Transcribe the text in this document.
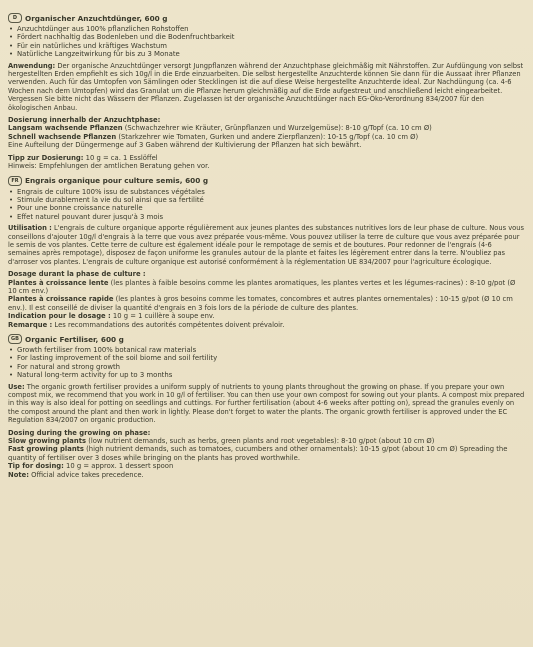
D	Organischer Anzuchtdünger, 600 g
• Anzuchtdünger aus 100% pflanzlichen Rohstoffen
• Fördert nachhaltig das Bodenleben und die Bodenfruchtbarkeit
• Für ein natürliches und kräftiges Wachstum
• Natürliche Langzeitwirkung für bis zu 3 Monate

Anwendung: Der organische Anzuchtdünger versorgt Jungpflanzen während der Anzuchtphase gleichmäßig mit Nährstoffen. Zur Aufdüngung von selbst hergestellten Erden empfiehlt es sich 10g/l in die Erde einzuarbeiten. Die selbst hergestellte Anzuchterde können Sie dann für die Aussaat ihrer Pflanzen verwenden. Auch für das Umtopfen von Sämlingen oder Stecklingen ist die auf diese Weise hergestellte Anzuchterde ideal. Zur Nachdüngung (ca. 4-6 Wochen nach dem Umtopfen) wird das Granulat um die Pflanze herum gleichmäßig auf die Erde aufgestreut und anschließend leicht eingearbeitet. Vergessen Sie bitte nicht das Wässern der Pflanzen. Zugelassen ist der organische Anzuchtdünger nach EG-Öko-Verordnung 834/2007 für den ökologischen Anbau.

Dosierung innerhalb der Anzuchtphase:
Langsam wachsende Pflanzen (Schwachzehrer wie Kräuter, Grünpflanzen und Wurzelgemüse): 8-10 g/Topf (ca. 10 cm Ø)
Schnell wachsende Pflanzen (Starkzehrer wie Tomaten, Gurken und andere Zierpflanzen): 10-15 g/Topf (ca. 10 cm Ø)
Eine Aufteilung der Düngermenge auf 3 Gaben während der Kultivierung der Pflanzen hat sich bewährt.
Tipp zur Dosierung: 10 g = ca. 1 Esslöffel
Hinweis: Empfehlungen der amtlichen Beratung gehen vor.
FR Engrais organique pour culture semis, 600 g
• Engrais de culture 100% issu de substances végétales
• Stimule durablement la vie du sol ainsi que sa fertilité
• Pour une bonne croissance naturelle
• Effet naturel pouvant durer jusqu'à 3 mois

Utilisation : L'engrais de culture organique apporte régulièrement aux jeunes plantes des substances nutritives lors de leur phase de culture. Nous vous conseillons d'ajouter 10g/l d'engrais à la terre que vous avez préparée vous-même. Vous pouvez utiliser la terre de culture que vous avez préparée pour le semis de vos plantes. Cette terre de culture est également idéale pour le rempotage de semis et de boutures. Pour redonner de l'engrais (4-6 semaines après rempotage), disposez de façon uniforme les granules autour de la plante et faites les légèrement entrer dans la terre. N'oubliez pas d'arroser vos plantes. L'engrais de culture organique est autorisé conformément à la réglementation UE 834/2007 pour l'agriculture écologique.

Dosage durant la phase de culture :
Plantes à croissance lente (les plantes à faible besoins comme les plantes aromatiques, les plantes vertes et les légumes-racines) : 8-10 g/pot (Ø 10 cm env.)
Plantes à croissance rapide (les plantes à gros besoins comme les tomates, concombres et autres plantes ornementales) : 10-15 g/pot (Ø 10 cm env.). Il est conseillé de diviser la quantité d'engrais en 3 fois lors de la période de culture des plantes.
Indication pour le dosage : 10 g = 1 cuillère à soupe env.
Remarque : Les recommandations des autorités compétentes doivent prévaloir.
GB Organic Fertiliser, 600 g
• Growth fertiliser from 100% botanical raw materials
• For lasting improvement of the soil biome and soil fertility
• For natural and strong growth
• Natural long-term activity for up to 3 months

Use: The organic growth fertiliser provides a uniform supply of nutrients to young plants throughout the growing on phase. If you prepare your own compost mix, we recommend that you work in 10 g/l of fertiliser. You can then use your own compost for sowing out your plants. A compost mix prepared in this way is also ideal for potting on seedlings and cuttings. For further fertilisation (about 4-6 weeks after potting on), spread the granules evenly on the compost around the plant and then work in lightly. Please don't forget to water the plants. The organic growth fertiliser is approved under the EC Regulation 834/2007 on organic production.

Dosing during the growing on phase:
Slow growing plants (low nutrient demands, such as herbs, green plants and root vegetables): 8-10 g/pot (about 10 cm Ø)
Fast growing plants (high nutrient demands, such as tomatoes, cucumbers and other ornamentals): 10-15 g/pot (about 10 cm Ø) Spreading the quantity of fertiliser over 3 doses while bringing on the plants has proved worthwhile.
Tip for dosing: 10 g = approx. 1 dessert spoon
Note: Official advice takes precedence.
